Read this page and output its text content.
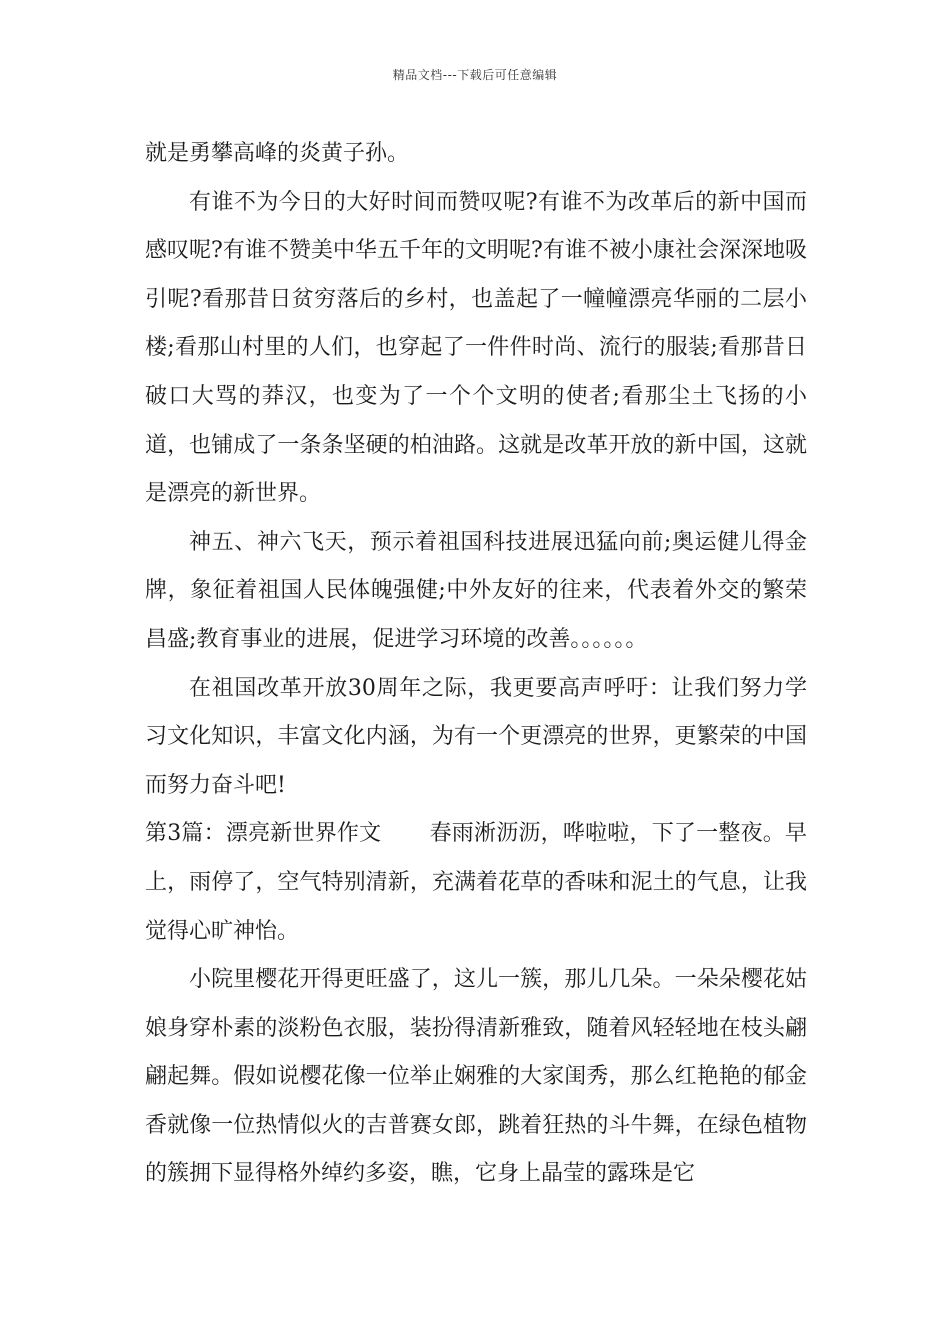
精品文档---下载后可任意编辑

就是勇攀高峰的炎黄子孙。

有谁不为今日的大好时间而赞叹呢?有谁不为改革后的新中国而感叹呢?有谁不赞美中华五千年的文明呢?有谁不被小康社会深深地吸引呢?看那昔日贫穷落后的乡村，也盖起了一幢幢漂亮华丽的二层小楼;看那山村里的人们，也穿起了一件件时尚、流行的服装;看那昔日破口大骂的莽汉，也变为了一个个文明的使者;看那尘土飞扬的小道，也铺成了一条条坚硬的柏油路。这就是改革开放的新中国，这就是漂亮的新世界。

神五、神六飞天，预示着祖国科技进展迅猛向前;奥运健儿得金牌，象征着祖国人民体魄强健;中外友好的往来，代表着外交的繁荣昌盛;教育事业的进展，促进学习环境的改善。。。。。。

在祖国改革开放30周年之际，我更要高声呼吁：让我们努力学习文化知识，丰富文化内涵，为有一个更漂亮的世界，更繁荣的中国而努力奋斗吧!

第3篇：漂亮新世界作文 春雨淅沥沥，哗啦啦，下了一整夜。早上，雨停了，空气特别清新，充满着花草的香味和泥土的气息，让我觉得心旷神怡。

小院里樱花开得更旺盛了，这儿一簇，那儿几朵。一朵朵樱花姑娘身穿朴素的淡粉色衣服，装扮得清新雅致，随着风轻轻地在枝头翩翩起舞。假如说樱花像一位举止娴雅的大家闺秀，那么红艳艳的郁金香就像一位热情似火的吉普赛女郎，跳着狂热的斗牛舞，在绿色植物的簇拥下显得格外绰约多姿，瞧，它身上晶莹的露珠是它
